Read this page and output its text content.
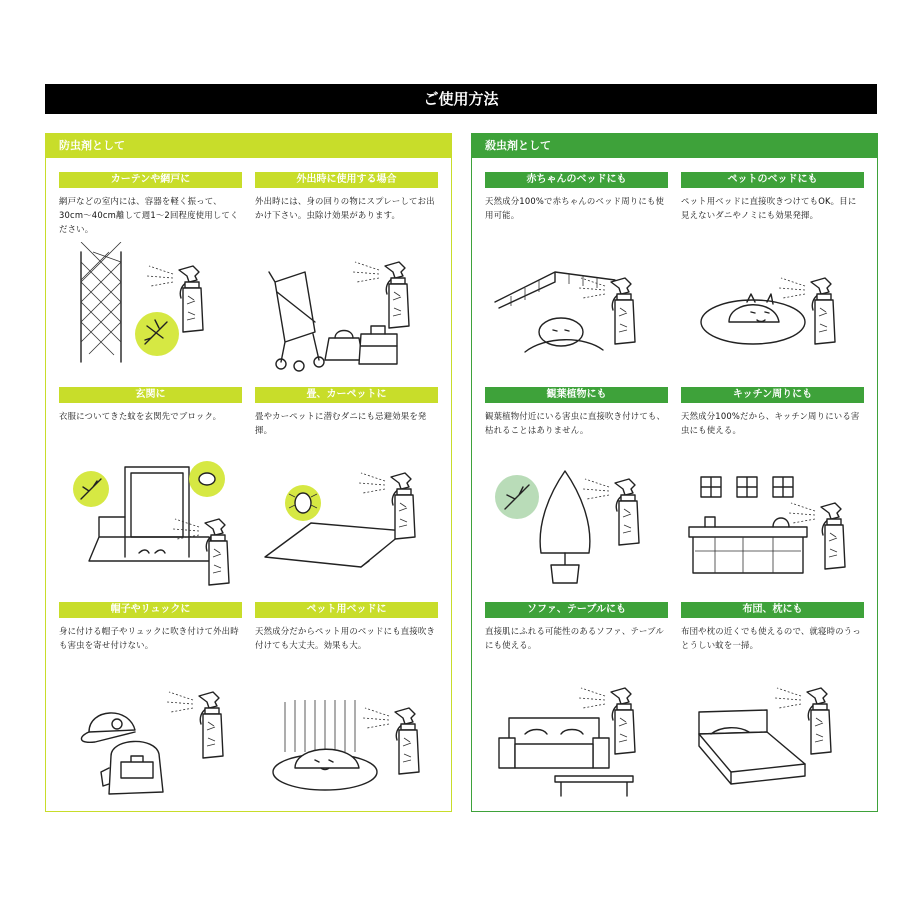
ご使用方法
防虫剤として
カーテンや網戸に
網戸などの室内には、容器を軽く振って、30cm〜40cm離して週1〜2回程度使用してください。
外出時に使用する場合
外出時には、身の回りの物にスプレーしてお出かけ下さい。虫除け効果があります。
玄関に
衣服についてきた蚊を玄関先でブロック。
畳、カーペットに
畳やカーペットに潜むダニにも忌避効果を発揮。
帽子やリュックに
身に付ける帽子やリュックに吹き付けて外出時も害虫を寄せ付けない。
ペット用ベッドに
天然成分だからペット用のベッドにも直接吹き付けても大丈夫。効果も大。
殺虫剤として
赤ちゃんのベッドにも
天然成分100%で赤ちゃんのベッド周りにも使用可能。
ペットのベッドにも
ペット用ベッドに直接吹きつけてもOK。目に見えないダニやノミにも効果発揮。
観葉植物にも
観葉植物付近にいる害虫に直接吹き付けても、枯れることはありません。
キッチン周りにも
天然成分100%だから、キッチン周りにいる害虫にも使える。
ソファ、テーブルにも
直接肌にふれる可能性のあるソファ、テーブルにも使える。
布団、枕にも
布団や枕の近くでも使えるので、就寝時のうっとうしい蚊を一掃。
